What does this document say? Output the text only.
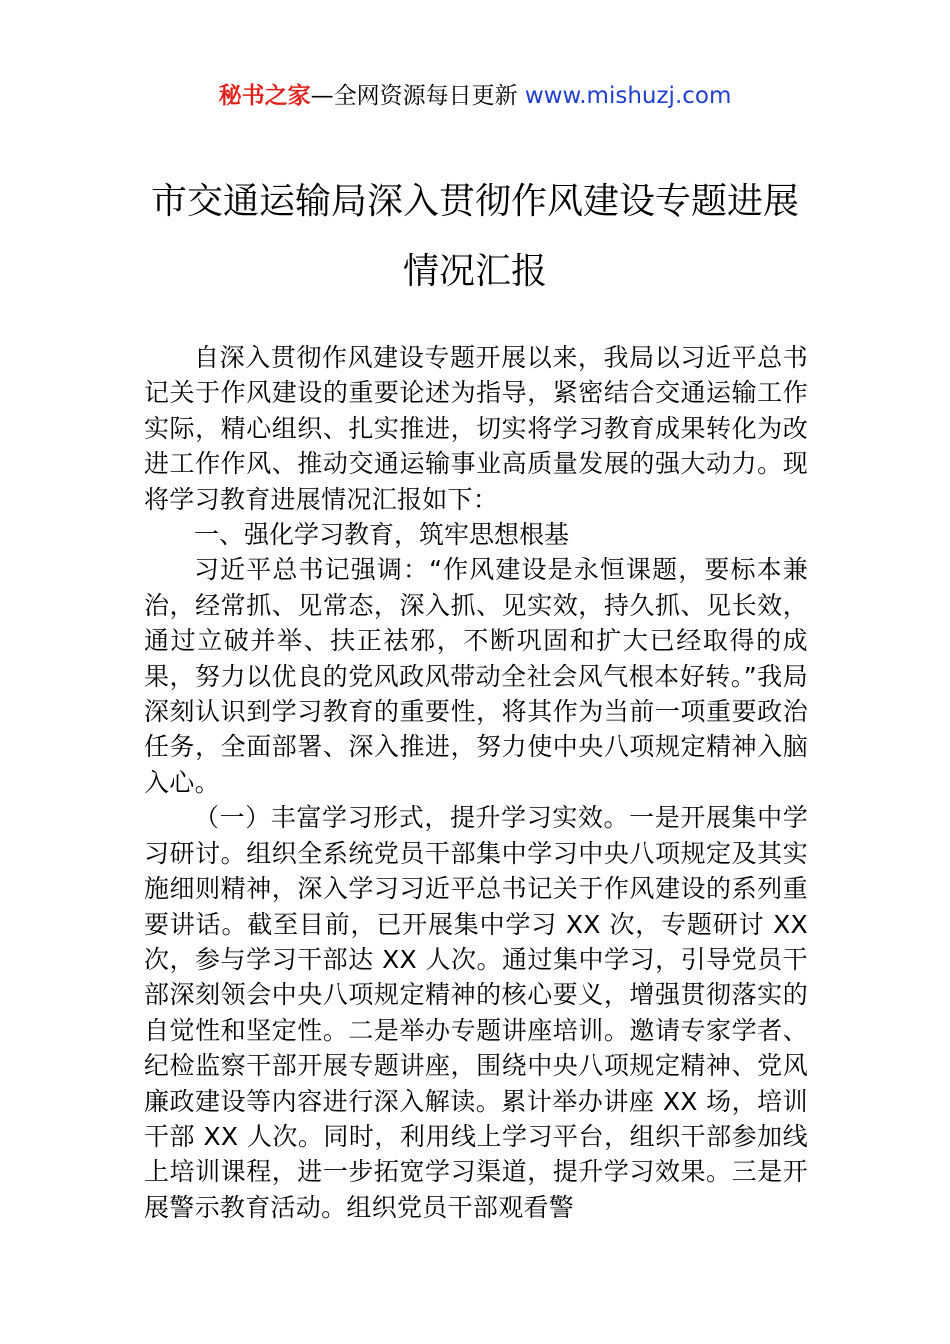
秘书之家—全网资源每日更新 www.mishuzj.com
市交通运输局深入贯彻作风建设专题进展
情况汇报

自深入贯彻作风建设专题开展以来，我局以习近平总书记关于作风建设的重要论述为指导，紧密结合交通运输工作实际，精心组织、扎实推进，切实将学习教育成果转化为改进工作作风、推动交通运输事业高质量发展的强大动力。现将学习教育进展情况汇报如下：

一、强化学习教育，筑牢思想根基

习近平总书记强调：“作风建设是永恒课题，要标本兼治，经常抓、见常态，深入抓、见实效，持久抓、见长效，通过立破并举、扶正祛邪，不断巩固和扩大已经取得的成果，努力以优良的党风政风带动全社会风气根本好转。”我局深刻认识到学习教育的重要性，将其作为当前一项重要政治任务，全面部署、深入推进，努力使中央八项规定精神入脑入心。

（一）丰富学习形式，提升学习实效。一是开展集中学习研讨。组织全系统党员干部集中学习中央八项规定及其实施细则精神，深入学习习近平总书记关于作风建设的系列重要讲话。截至目前，已开展集中学习 XX 次，专题研讨 XX 次，参与学习干部达 XX 人次。通过集中学习，引导党员干部深刻领会中央八项规定精神的核心要义，增强贯彻落实的自觉性和坚定性。二是举办专题讲座培训。邀请专家学者、纪检监察干部开展专题讲座，围绕中央八项规定精神、党风廉政建设等内容进行深入解读。累计举办讲座 XX 场，培训干部 XX 人次。同时，利用线上学习平台，组织干部参加线上培训课程，进一步拓宽学习渠道，提升学习效果。三是开展警示教育活动。组织党员干部观看警
